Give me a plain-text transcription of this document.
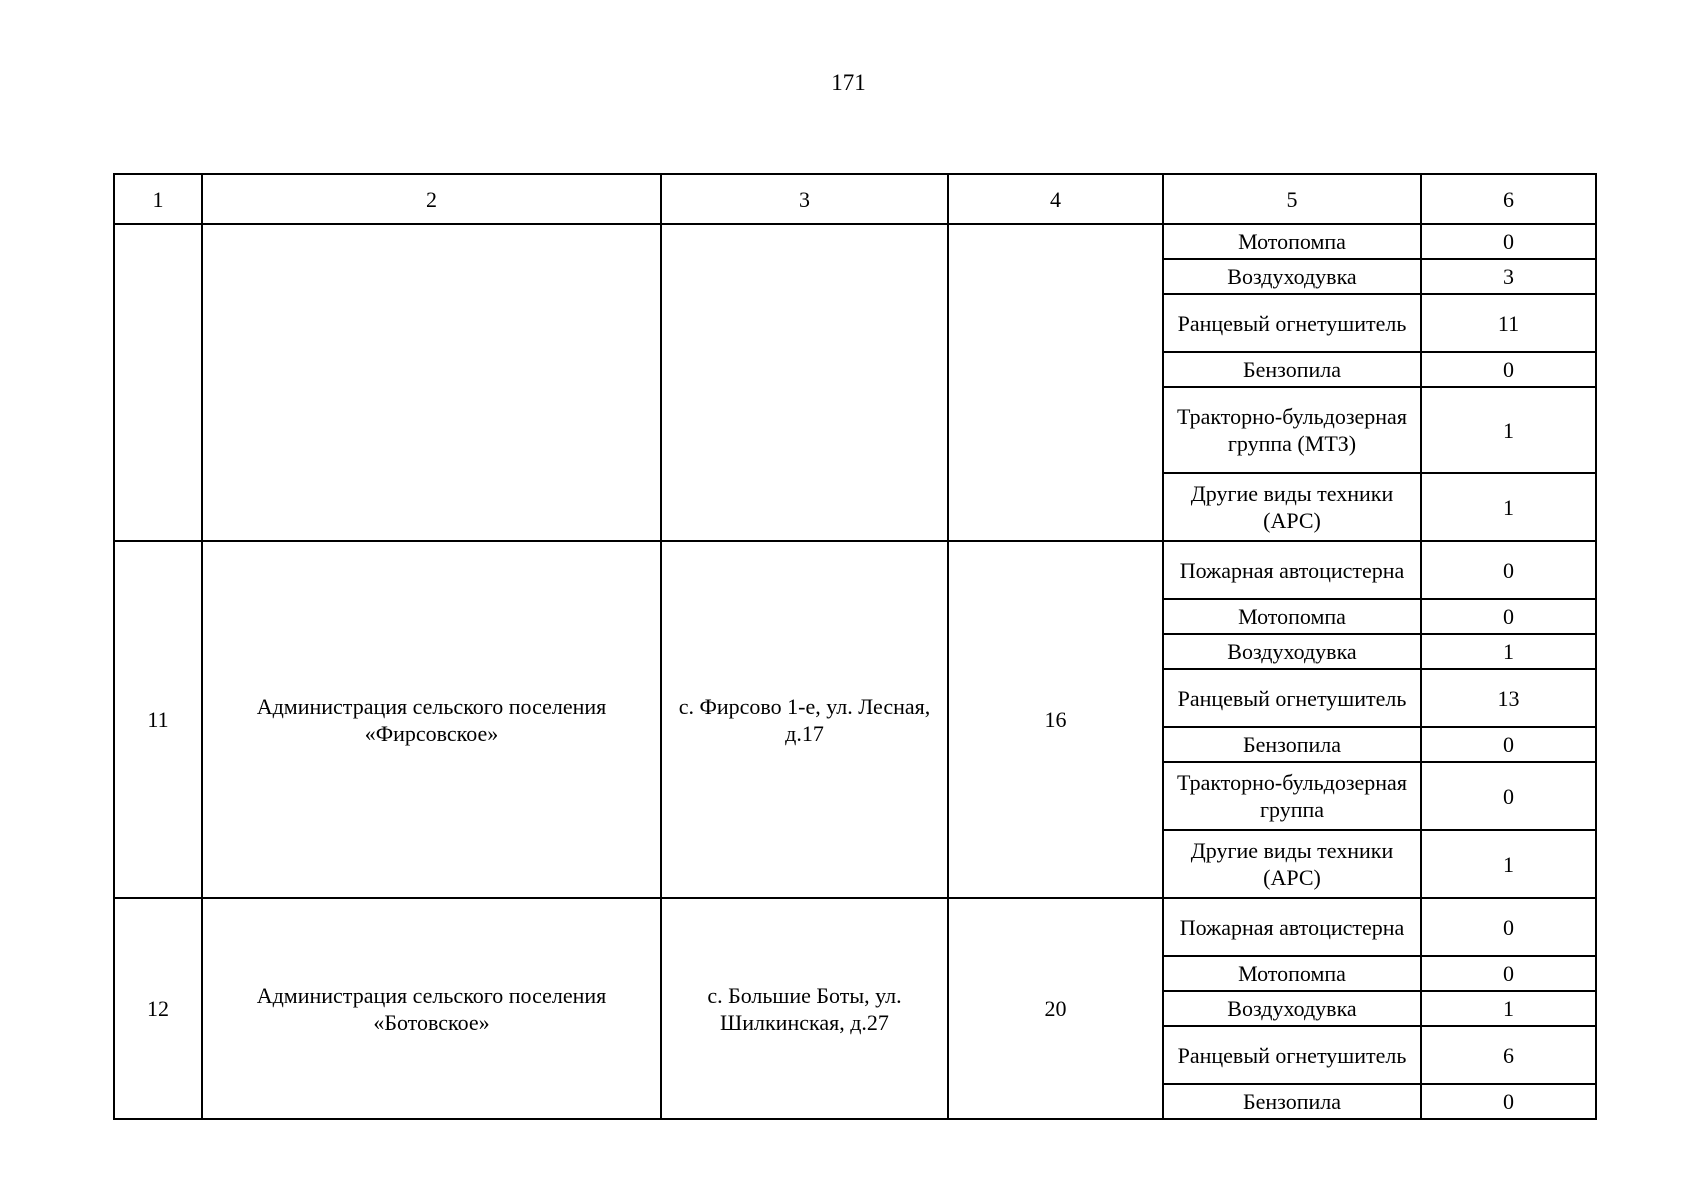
171
1	2	3	4	5	6
				Мотопомпа	0
				Воздуходувка	3
				Ранцевый огнетушитель	11
				Бензопила	0
				Тракторно-бульдозерная группа (МТЗ)	1
				Другие виды техники (АРС)	1
11	Администрация сельского поселения «Фирсовское»	с. Фирсово 1-е, ул. Лесная, д.17	16	Пожарная автоцистерна	0
				Мотопомпа	0
				Воздуходувка	1
				Ранцевый огнетушитель	13
				Бензопила	0
				Тракторно-бульдозерная группа	0
				Другие виды техники (АРС)	1
12	Администрация сельского поселения «Ботовское»	с. Большие Боты, ул. Шилкинская, д.27	20	Пожарная автоцистерна	0
				Мотопомпа	0
				Воздуходувка	1
				Ранцевый огнетушитель	6
				Бензопила	0
